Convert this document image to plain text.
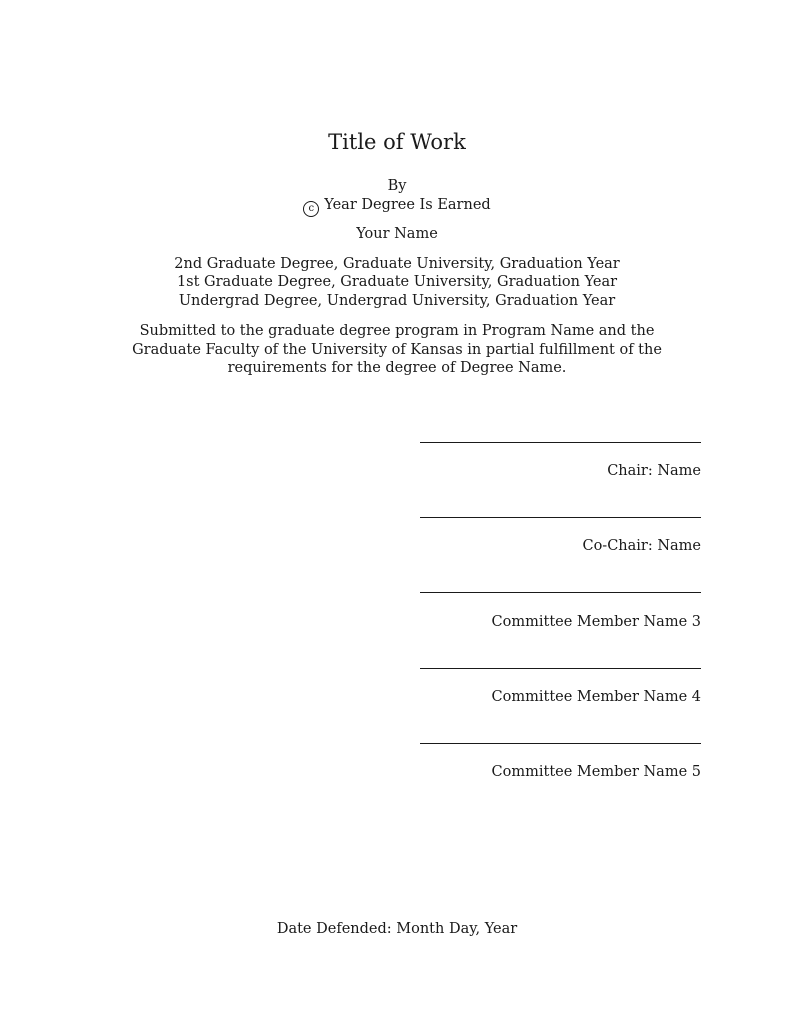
Title of Work
By
c Year Degree Is Earned
Your Name
2nd Graduate Degree, Graduate University, Graduation Year
1st Graduate Degree, Graduate University, Graduation Year
Undergrad Degree, Undergrad University, Graduation Year
Submitted to the graduate degree program in Program Name and the
Graduate Faculty of the University of Kansas in partial fulfillment of the
requirements for the degree of Degree Name.
Chair: Name
Co-Chair: Name
Committee Member Name 3
Committee Member Name 4
Committee Member Name 5
Date Defended: Month Day, Year
